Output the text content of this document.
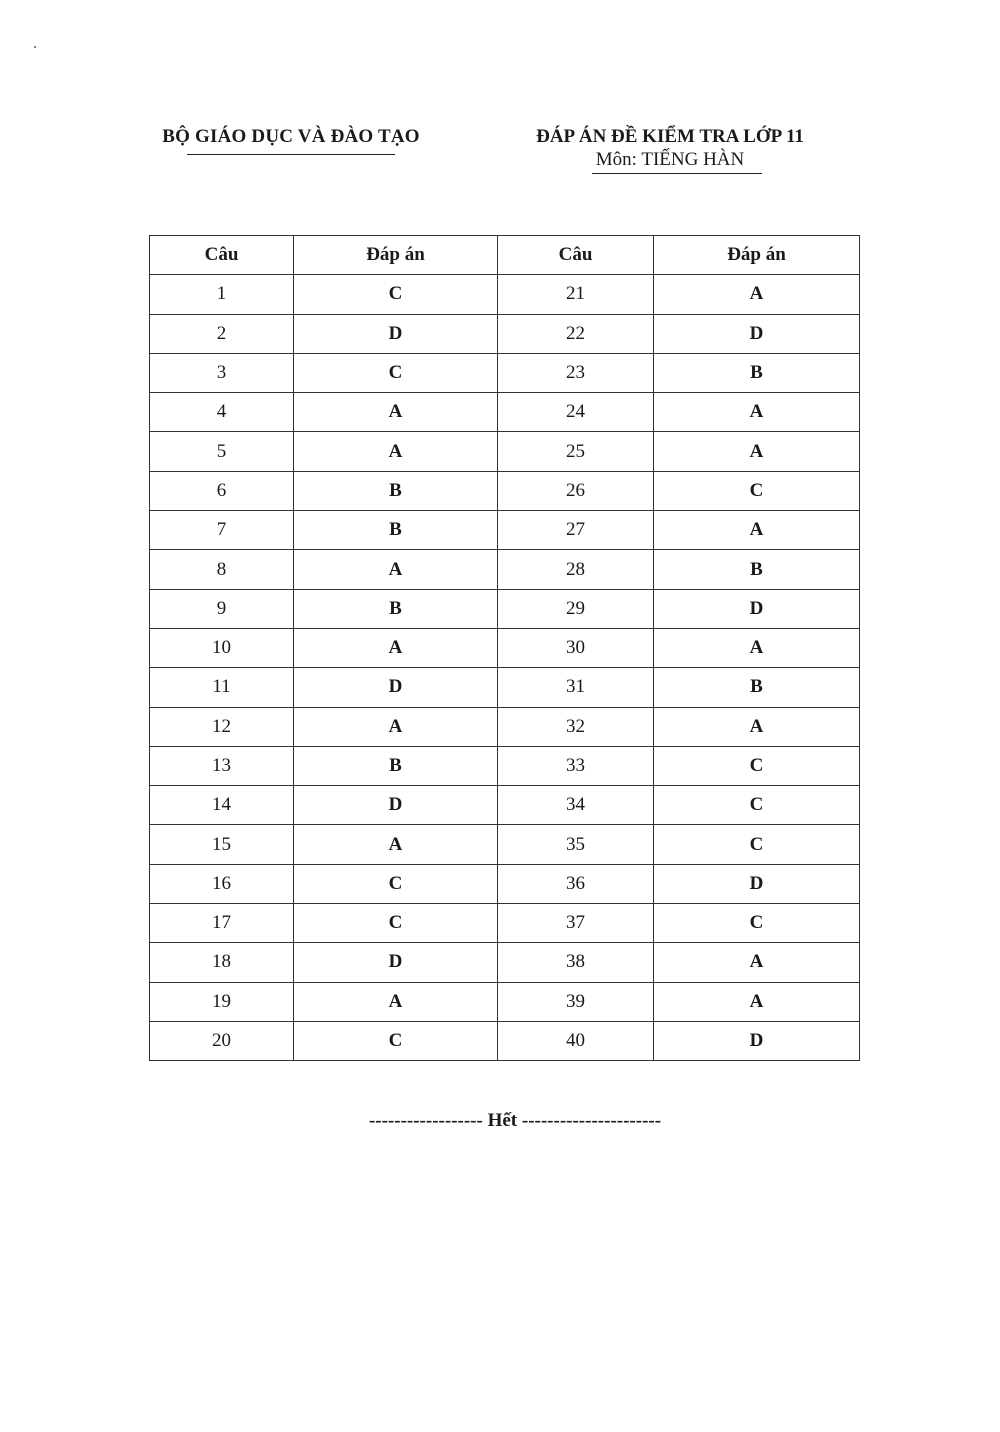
BỘ GIÁO DỤC VÀ ĐÀO TẠO	ĐÁP ÁN ĐỀ KIỂM TRA LỚP 11
Môn: TIẾNG HÀN
Câu	Đáp án	Câu	Đáp án
1	C	21	A
2	D	22	D
3	C	23	B
4	A	24	A
5	A	25	A
6	B	26	C
7	B	27	A
8	A	28	B
9	B	29	D
10	A	30	A
11	D	31	B
12	A	32	A
13	B	33	C
14	D	34	C
15	A	35	C
16	C	36	D
17	C	37	C
18	D	38	A
19	A	39	A
20	C	40	D
------------------ Hết ----------------------
